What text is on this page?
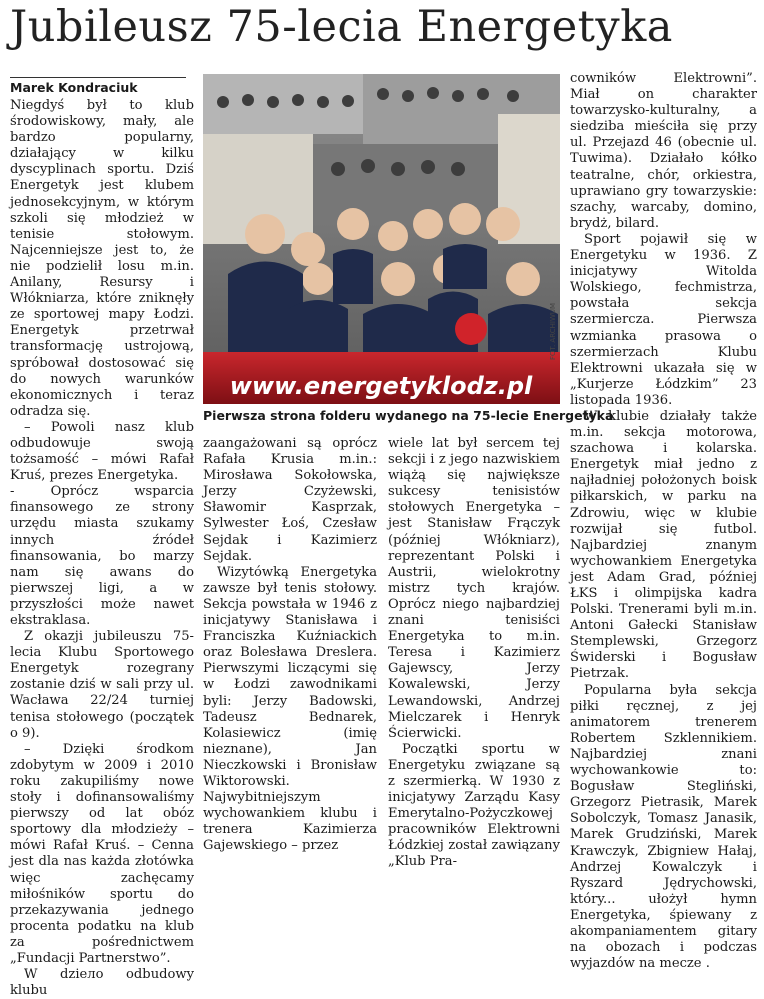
Jubileusz 75-lecia Energetyka
Marek Kondraciuk

Niegdyś był to klub środowiskowy, mały, ale bardzo popularny, działający w kilku dyscyplinach sportu. Dziś Energetyk jest klubem jednosekcyjnym, w którym szkoli się młodzież w tenisie stołowym. Najcenniejsze jest to, że nie podzielił losu m.in. Anilany, Resursy i Włókniarza, które zniknęły ze sportowej mapy Łodzi. Energetyk przetrwał transformację ustrojową, spróbował dostosować się do nowych warunków ekonomicznych i teraz odradza się.

– Powoli nasz klub odbudowuje swoją tożsamość – mówi Rafał Kruś, prezes Energetyka.

- Oprócz wsparcia finansowego ze strony urzędu miasta szukamy innych źródeł finansowania, bo marzy nam się awans do pierwszej ligi, a w przyszłości może nawet ekstraklasa.

Z okazji jubileuszu 75-lecia Klubu Sportowego Energetyk rozegrany zostanie dziś w sali przy ul. Wacława 22/24 turniej tenisa stołowego (początek o 9).

– Dzięki środkom zdobytym w 2009 i 2010 roku zakupiliśmy nowe stoły i dofinansowaliśmy pierwszy od lat obóz sportowy dla młodzieży – mówi Rafał Kruś. – Cenna jest dla nas każda złotówka więc zachęcamy miłośników sportu do przekazywania jednego procenta podatku na klub za pośrednictwem „Fundacji Partnerstwo”.

W dziело odbudowy klubu

www.energetyklodz.pl
FOT. ARCHIWUM
Pierwsza strona folderu wydanego na 75-lecie Energetyka

zaangażowani są oprócz Rafała Krusia m.in.: Mirosława Sokołowska, Jerzy Czyżewski, Sławomir Kasprzak, Sylwester Łoś, Czesław Sejdak i Kazimierz Sejdak.

Wizytówką Energetyka zawsze był tenis stołowy. Sekcja powstała w 1946 z inicjatywy Stanisława i Franciszka Kuźniackich oraz Bolesława Dreslera. Pierwszymi liczącymi się w Łodzi zawodnikami byli: Jerzy Badowski, Tadeusz Bednarek, Kolasiewicz (imię nieznane), Jan Nieczkowski i Bronisław Wiktorowski. Najwybitniejszym wychowankiem klubu i trenera Kazimierza Gajewskiego – przez

wiele lat był sercem tej sekcji i z jego nazwiskiem wiążą się największe sukcesy tenisistów stołowych Energetyka – jest Stanisław Frączyk (później Włókniarz), reprezentant Polski i Austrii, wielokrotny mistrz tych krajów. Oprócz niego najbardziej znani tenisiści Energetyka to m.in. Teresa i Kazimierz Gajewscy, Jerzy Kowalewski, Jerzy Lewandowski, Andrzej Mielczarek i Henryk Ścierwicki.

Początki sportu w Energetyku związane są z szermierką. W 1930 z inicjatywy Zarządu Kasy Emerytalno-Pożyczkowej pracowników Elektrowni Łódzkiej został zawiązany „Klub Pra-

cowników Elektrowni”. Miał on charakter towarzysko-kulturalny, a siedziba mieściła się przy ul. Przejazd 46 (obecnie ul. Tuwima). Działało kółko teatralne, chór, orkiestra, uprawiano gry towarzyskie: szachy, warcaby, domino, brydż, bilard.

Sport pojawił się w Energetyku w 1936. Z inicjatywy Witolda Wolskiego, fechmistrza, powstała sekcja szermiercza. Pierwsza wzmianka prasowa o szermierzach Klubu Elektrowni ukazała się w „Kurjerze Łódzkim” 23 listopada 1936.

W klubie działały także m.in. sekcja motorowa, szachowa i kolarska. Energetyk miał jedno z najładniej położonych boisk piłkarskich, w parku na Zdrowiu, więc w klubie rozwijał się futbol. Najbardziej znanym wychowankiem Energetyka jest Adam Grad, później ŁKS i olimpijska kadra Polski. Trenerami byli m.in. Antoni Gałecki Stanisław Stemplewski, Grzegorz Świderski i Bogusław Pietrzak.

Popularna była sekcja piłki ręcznej, z jej animatorem trenerem Robertem Szklennikiem. Najbardziej znani wychowankowie to: Bogusław Stegliński, Grzegorz Pietrasik, Marek Sobolczyk, Tomasz Janasik, Marek Grudziński, Marek Krawczyk, Zbigniew Hałaj, Andrzej Kowalczyk i Ryszard Jędrychowski, który... ułożył hymn Energetyka, śpiewany z akompaniamentem gitary na obozach i podczas wyjazdów na mecze .
